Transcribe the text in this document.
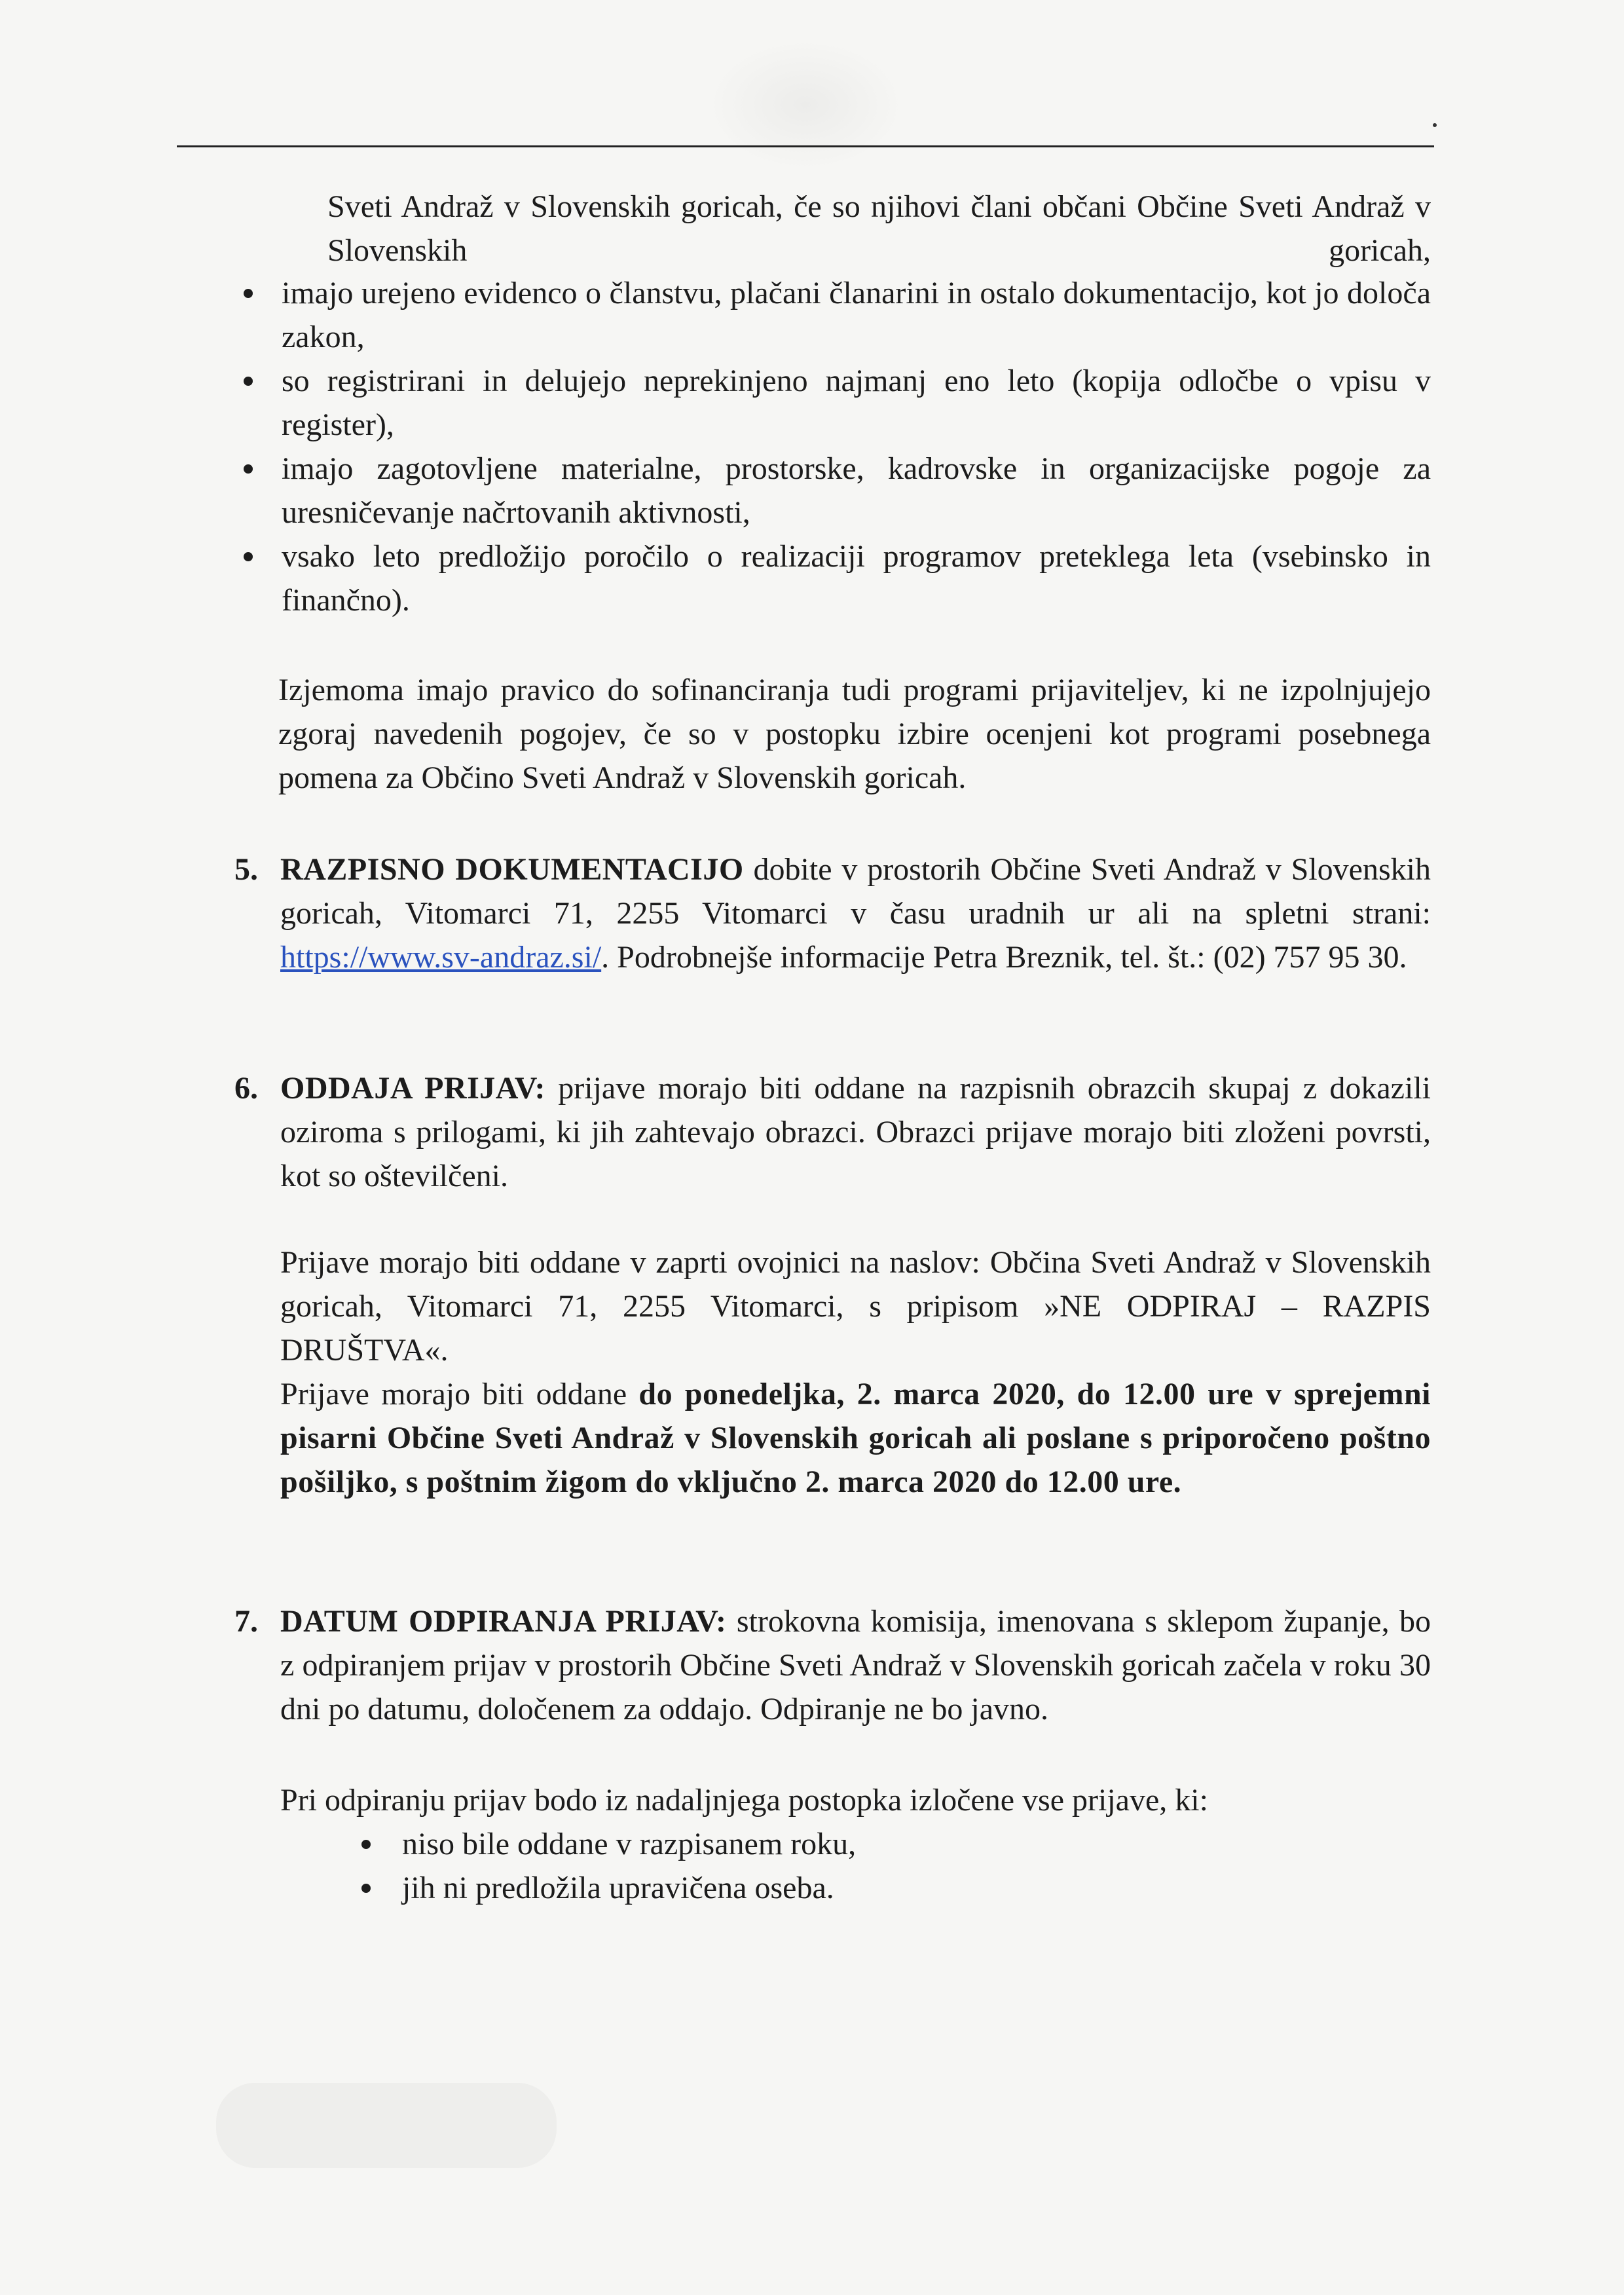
Sveti Andraž v Slovenskih goricah, če so njihovi člani občani Občine Sveti Andraž v Slovenskih goricah,

imajo urejeno evidenco o članstvu, plačani članarini in ostalo dokumentacijo, kot jo določa zakon,
so registrirani in delujejo neprekinjeno najmanj eno leto (kopija odločbe o vpisu v register),
imajo zagotovljene materialne, prostorske, kadrovske in organizacijske pogoje za uresničevanje načrtovanih aktivnosti,
vsako leto predložijo poročilo o realizaciji programov preteklega leta (vsebinsko in finančno).

Izjemoma imajo pravico do sofinanciranja tudi programi prijaviteljev, ki ne izpolnjujejo zgoraj navedenih pogojev, če so v postopku izbire ocenjeni kot programi posebnega pomena za Občino Sveti Andraž v Slovenskih goricah.

5. RAZPISNO DOKUMENTACIJO dobite v prostorih Občine Sveti Andraž v Slovenskih goricah, Vitomarci 71, 2255 Vitomarci v času uradnih ur ali na spletni strani: https://www.sv-andraz.si/. Podrobnejše informacije Petra Breznik, tel. št.: (02) 757 95 30.

6. ODDAJA PRIJAV: prijave morajo biti oddane na razpisnih obrazcih skupaj z dokazili oziroma s prilogami, ki jih zahtevajo obrazci. Obrazci prijave morajo biti zloženi povrsti, kot so oštevilčeni.

Prijave morajo biti oddane v zaprti ovojnici na naslov: Občina Sveti Andraž v Slovenskih goricah, Vitomarci 71, 2255 Vitomarci, s pripisom »NE ODPIRAJ – RAZPIS DRUŠTVA«.

Prijave morajo biti oddane do ponedeljka, 2. marca 2020, do 12.00 ure v sprejemni pisarni Občine Sveti Andraž v Slovenskih goricah ali poslane s priporočeno poštno pošiljko, s poštnim žigom do vključno 2. marca 2020 do 12.00 ure.

7. DATUM ODPIRANJA PRIJAV: strokovna komisija, imenovana s sklepom županje, bo z odpiranjem prijav v prostorih Občine Sveti Andraž v Slovenskih goricah začela v roku 30 dni po datumu, določenem za oddajo. Odpiranje ne bo javno.

Pri odpiranju prijav bodo iz nadaljnjega postopka izločene vse prijave, ki:

niso bile oddane v razpisanem roku,
jih ni predložila upravičena oseba.
